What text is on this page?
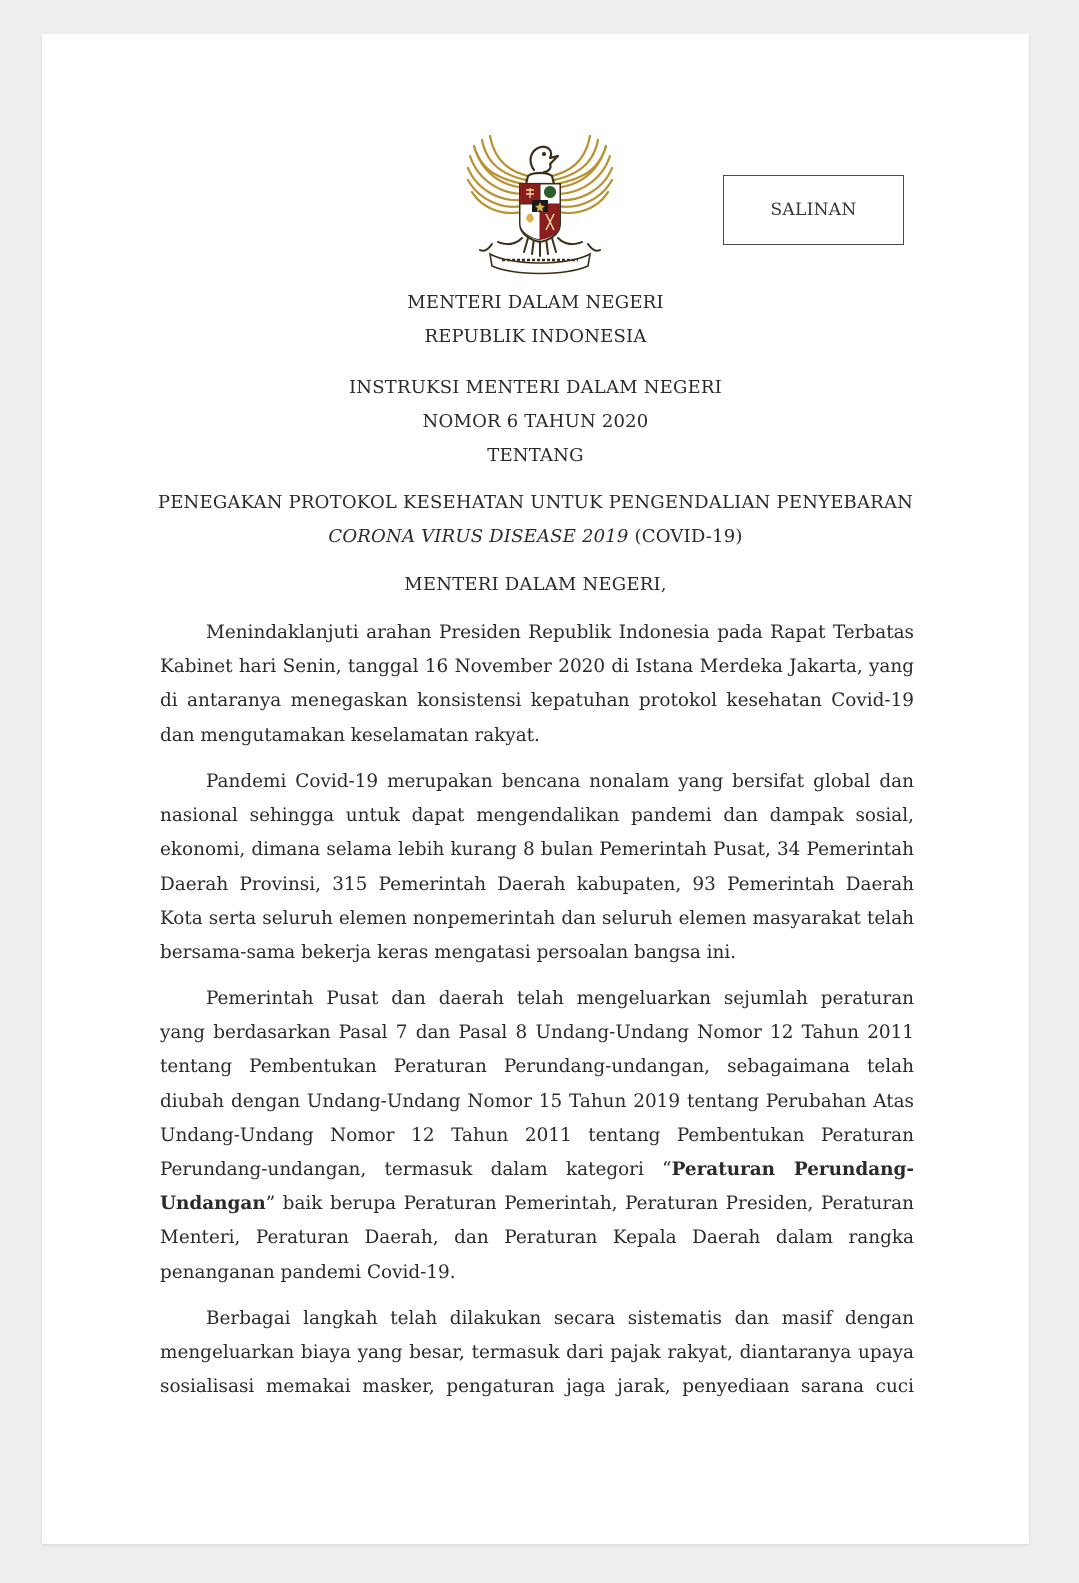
SALINAN
MENTERI DALAM NEGERI
REPUBLIK INDONESIA
INSTRUKSI MENTERI DALAM NEGERI
NOMOR 6 TAHUN 2020
TENTANG
PENEGAKAN PROTOKOL KESEHATAN UNTUK PENGENDALIAN PENYEBARAN
CORONA VIRUS DISEASE 2019 (COVID-19)
MENTERI DALAM NEGERI,

Menindaklanjuti arahan Presiden Republik Indonesia pada Rapat Terbatas Kabinet hari Senin, tanggal 16 November 2020 di Istana Merdeka Jakarta, yang di antaranya menegaskan konsistensi kepatuhan protokol kesehatan Covid-19 dan mengutamakan keselamatan rakyat.

Pandemi Covid-19 merupakan bencana nonalam yang bersifat global dan nasional sehingga untuk dapat mengendalikan pandemi dan dampak sosial, ekonomi, dimana selama lebih kurang 8 bulan Pemerintah Pusat, 34 Pemerintah Daerah Provinsi, 315 Pemerintah Daerah kabupaten, 93 Pemerintah Daerah Kota serta seluruh elemen nonpemerintah dan seluruh elemen masyarakat telah bersama-sama bekerja keras mengatasi persoalan bangsa ini.

Pemerintah Pusat dan daerah telah mengeluarkan sejumlah peraturan yang berdasarkan Pasal 7 dan Pasal 8 Undang-Undang Nomor 12 Tahun 2011 tentang Pembentukan Peraturan Perundang-undangan, sebagaimana telah diubah dengan Undang-Undang Nomor 15 Tahun 2019 tentang Perubahan Atas Undang-Undang Nomor 12 Tahun 2011 tentang Pembentukan Peraturan Perundang-undangan, termasuk dalam kategori “Peraturan Perundang-Undangan” baik berupa Peraturan Pemerintah, Peraturan Presiden, Peraturan Menteri, Peraturan Daerah, dan Peraturan Kepala Daerah dalam rangka penanganan pandemi Covid-19.

Berbagai langkah telah dilakukan secara sistematis dan masif dengan mengeluarkan biaya yang besar, termasuk dari pajak rakyat, diantaranya upaya sosialisasi memakai masker, pengaturan jaga jarak, penyediaan sarana cuci
